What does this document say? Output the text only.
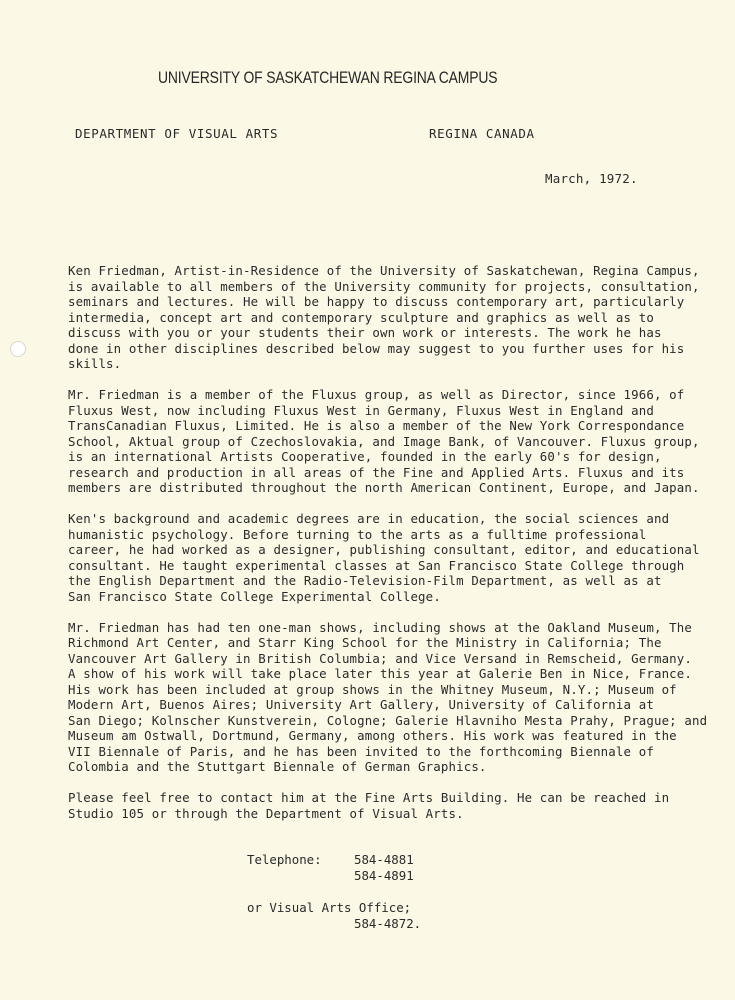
UNIVERSITY OF SASKATCHEWAN REGINA CAMPUS
DEPARTMENT OF VISUAL ARTS	REGINA CANADA
March, 1972.
Ken Friedman, Artist-in-Residence of the University of Saskatchewan, Regina Campus,
is available to all members of the University community for projects, consultation,
seminars and lectures. He will be happy to discuss contemporary art, particularly
intermedia, concept art and contemporary sculpture and graphics as well as to
discuss with you or your students their own work or interests. The work he has
done in other disciplines described below may suggest to you further uses for his
skills.
Mr. Friedman is a member of the Fluxus group, as well as Director, since 1966, of
Fluxus West, now including Fluxus West in Germany, Fluxus West in England and
TransCanadian Fluxus, Limited. He is also a member of the New York Correspondance
School, Aktual group of Czechoslovakia, and Image Bank, of Vancouver. Fluxus group,
is an international Artists Cooperative, founded in the early 60's for design,
research and production in all areas of the Fine and Applied Arts. Fluxus and its
members are distributed throughout the north American Continent, Europe, and Japan.
Ken's background and academic degrees are in education, the social sciences and
humanistic psychology. Before turning to the arts as a fulltime professional
career, he had worked as a designer, publishing consultant, editor, and educational
consultant. He taught experimental classes at San Francisco State College through
the English Department and the Radio-Television-Film Department, as well as at
San Francisco State College Experimental College.
Mr. Friedman has had ten one-man shows, including shows at the Oakland Museum, The
Richmond Art Center, and Starr King School for the Ministry in California; The
Vancouver Art Gallery in British Columbia; and Vice Versand in Remscheid, Germany.
A show of his work will take place later this year at Galerie Ben in Nice, France.
His work has been included at group shows in the Whitney Museum, N.Y.; Museum of
Modern Art, Buenos Aires; University Art Gallery, University of California at
San Diego; Kolnscher Kunstverein, Cologne; Galerie Hlavniho Mesta Prahy, Prague; and
Museum am Ostwall, Dortmund, Germany, among others. His work was featured in the
VII Biennale of Paris, and he has been invited to the forthcoming Biennale of
Colombia and the Stuttgart Biennale of German Graphics.
Please feel free to contact him at the Fine Arts Building. He can be reached in
Studio 105 or through the Department of Visual Arts.
Telephone:	584-4881
584-4891
or Visual Arts Office;
584-4872.
